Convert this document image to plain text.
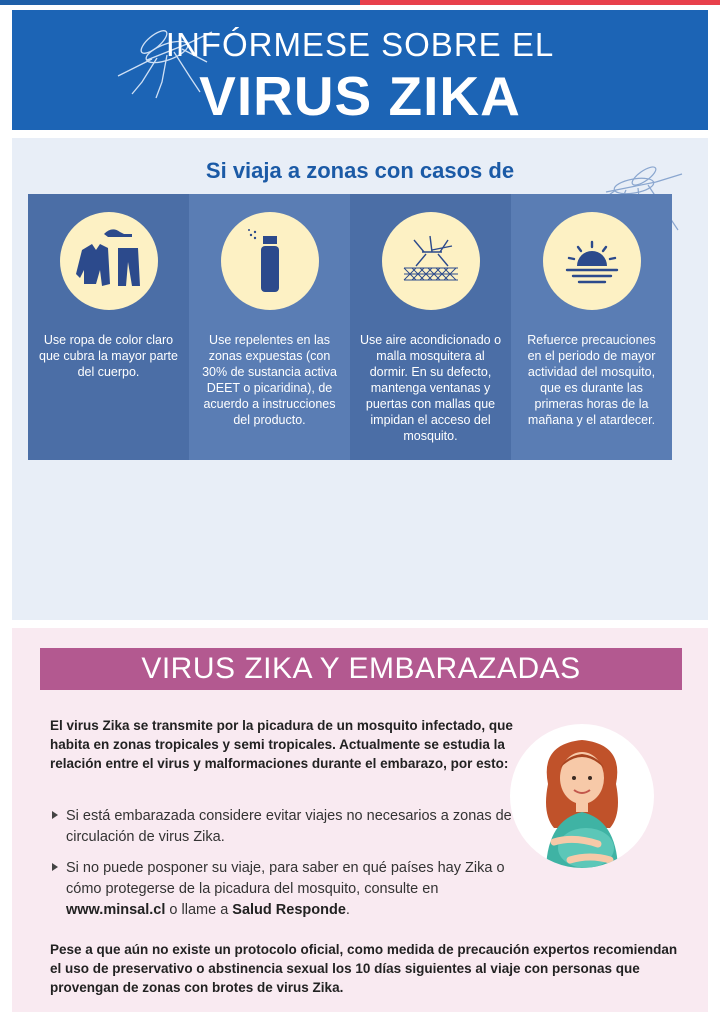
INFÓRMESE SOBRE EL
VIRUS ZIKA
Si viaja a zonas con casos de
Use ropa de color claro que cubra la mayor parte del cuerpo.
Use repelentes en las zonas expuestas (con 30% de sustancia activa DEET o picaridina), de acuerdo a instrucciones del producto.
Use aire acondicionado o malla mosquitera al dormir. En su defecto, mantenga ventanas y puertas con mallas que impidan el acceso del mosquito.
Refuerce precauciones en el periodo de mayor actividad del mosquito, que es durante las primeras horas de la mañana y el atardecer.
VIRUS ZIKA Y EMBARAZADAS
El virus Zika se transmite por la picadura de un mosquito infectado, que habita en zonas tropicales y semi tropicales. Actualmente se estudia la relación entre el virus y malformaciones durante el embarazo, por esto:
Si está embarazada considere evitar viajes no necesarios a zonas de circulación de virus Zika.
Si no puede posponer su viaje, para saber en qué países hay Zika o cómo protegerse de la picadura del mosquito, consulte en www.minsal.cl o llame a Salud Responde.
Pese a que aún no existe un protocolo oficial, como medida de precaución expertos recomiendan el uso de preservativo o abstinencia sexual los 10 días siguientes al viaje con personas que provengan de zonas con brotes de virus Zika.
